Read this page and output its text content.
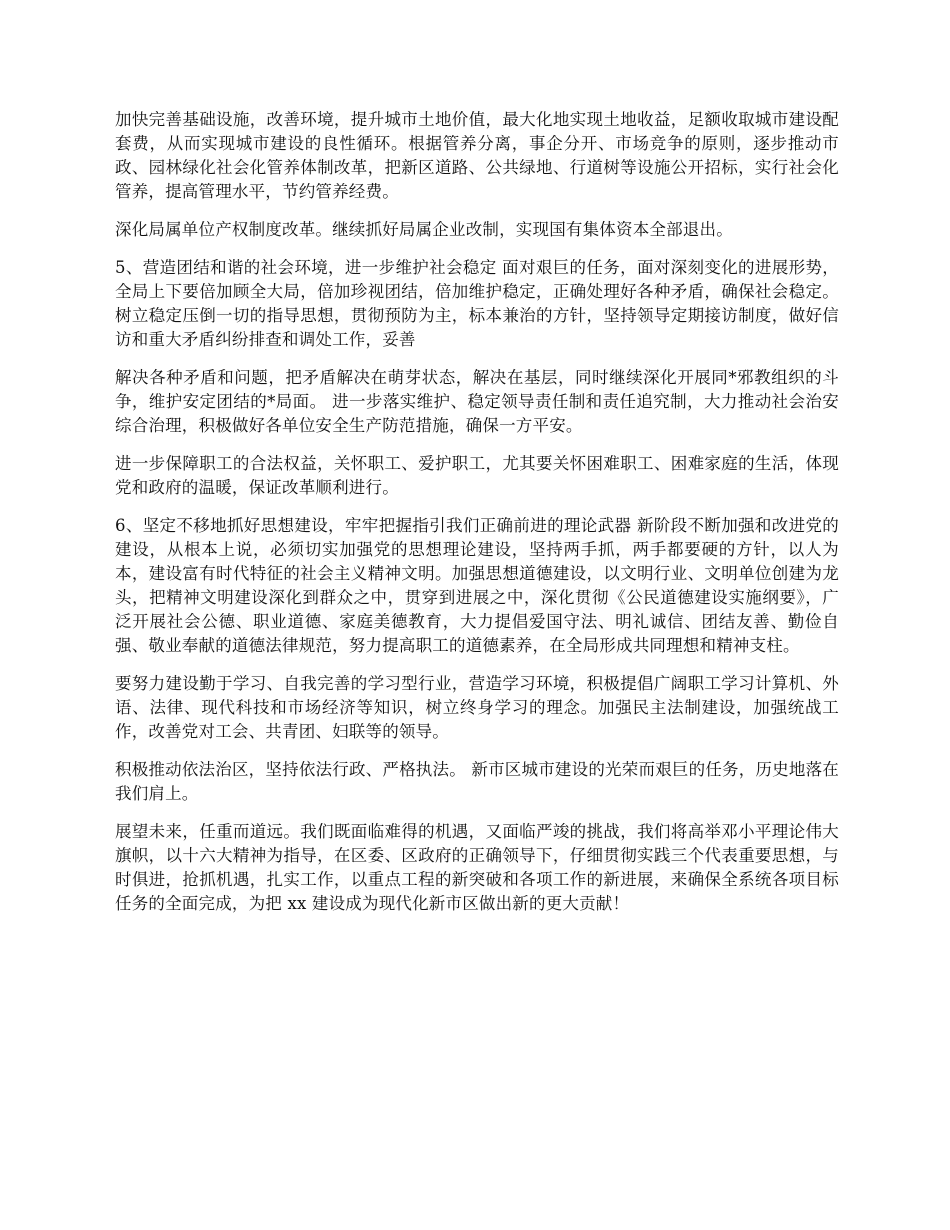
加快完善基础设施，改善环境，提升城市土地价值，最大化地实现土地收益，足额收取城市建设配套费，从而实现城市建设的良性循环。根据管养分离，事企分开、市场竞争的原则，逐步推动市政、园林绿化社会化管养体制改革，把新区道路、公共绿地、行道树等设施公开招标，实行社会化管养，提高管理水平，节约管养经费。

深化局属单位产权制度改革。继续抓好局属企业改制，实现国有集体资本全部退出。

5、营造团结和谐的社会环境，进一步维护社会稳定 面对艰巨的任务，面对深刻变化的进展形势，全局上下要倍加顾全大局，倍加珍视团结，倍加维护稳定，正确处理好各种矛盾，确保社会稳定。 树立稳定压倒一切的指导思想，贯彻预防为主，标本兼治的方针，坚持领导定期接访制度，做好信访和重大矛盾纠纷排查和调处工作，妥善

解决各种矛盾和问题，把矛盾解决在萌芽状态，解决在基层，同时继续深化开展同*邪教组织的斗争，维护安定团结的*局面。 进一步落实维护、稳定领导责任制和责任追究制，大力推动社会治安综合治理，积极做好各单位安全生产防范措施，确保一方平安。

进一步保障职工的合法权益，关怀职工、爱护职工，尤其要关怀困难职工、困难家庭的生活，体现党和政府的温暖，保证改革顺利进行。

6、坚定不移地抓好思想建设，牢牢把握指引我们正确前进的理论武器 新阶段不断加强和改进党的建设，从根本上说，必须切实加强党的思想理论建设，坚持两手抓，两手都要硬的方针，以人为本，建设富有时代特征的社会主义精神文明。加强思想道德建设，以文明行业、文明单位创建为龙头，把精神文明建设深化到群众之中，贯穿到进展之中，深化贯彻《公民道德建设实施纲要》，广泛开展社会公德、职业道德、家庭美德教育，大力提倡爱国守法、明礼诚信、团结友善、勤俭自强、敬业奉献的道德法律规范，努力提高职工的道德素养，在全局形成共同理想和精神支柱。

要努力建设勤于学习、自我完善的学习型行业，营造学习环境，积极提倡广阔职工学习计算机、外语、法律、现代科技和市场经济等知识，树立终身学习的理念。加强民主法制建设，加强统战工作，改善党对工会、共青团、妇联等的领导。

积极推动依法治区，坚持依法行政、严格执法。 新市区城市建设的光荣而艰巨的任务，历史地落在我们肩上。

展望未来，任重而道远。我们既面临难得的机遇，又面临严竣的挑战，我们将高举邓小平理论伟大旗帜，以十六大精神为指导，在区委、区政府的正确领导下，仔细贯彻实践三个代表重要思想，与时俱进，抢抓机遇，扎实工作，以重点工程的新突破和各项工作的新进展，来确保全系统各项目标任务的全面完成，为把 xx 建设成为现代化新市区做出新的更大贡献！
